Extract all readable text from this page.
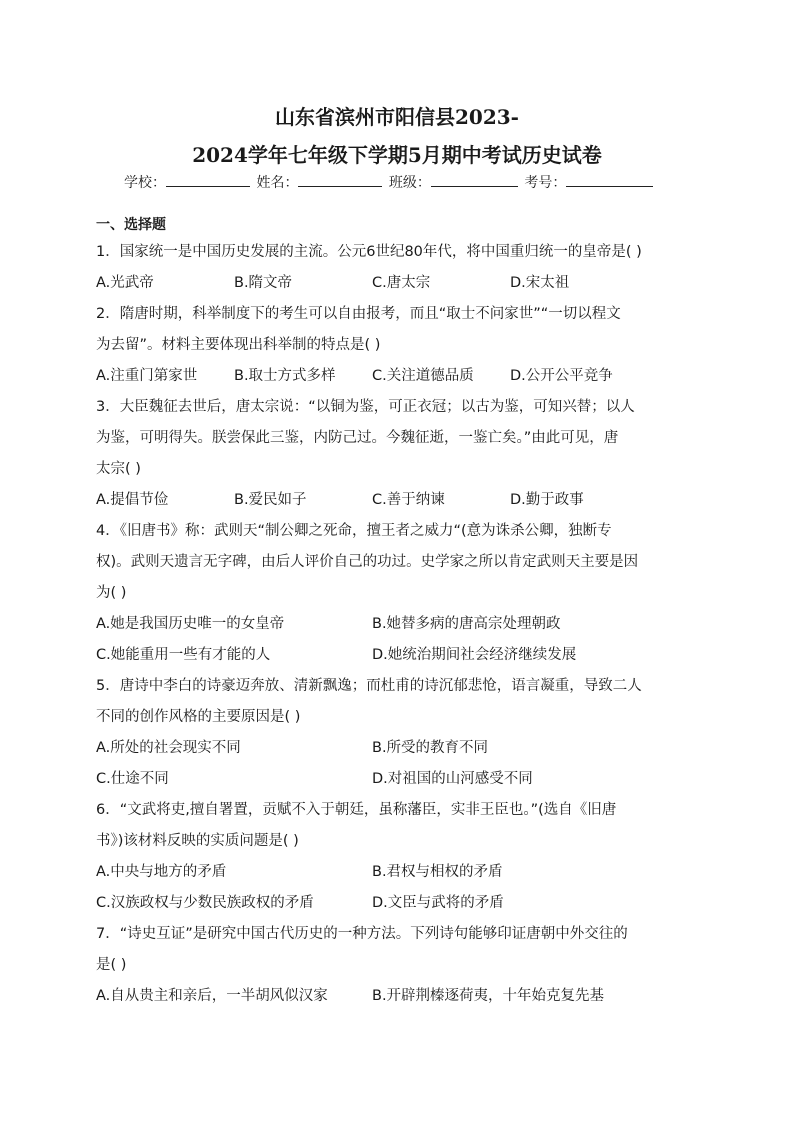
山东省滨州市阳信县2023-
2024学年七年级下学期5月期中考试历史试卷
学校：	姓名：	班级：	考号：
一、选择题
1．国家统一是中国历史发展的主流。公元6世纪80年代，将中国重归统一的皇帝是( )
A.光武帝	B.隋文帝	C.唐太宗	D.宋太祖
2．隋唐时期，科举制度下的考生可以自由报考，而且“取士不问家世”“一切以程文
为去留”。材料主要体现出科举制的特点是( )
A.注重门第家世	B.取士方式多样	C.关注道德品质	D.公开公平竞争
3．大臣魏征去世后，唐太宗说：“以铜为鉴，可正衣冠；以古为鉴，可知兴替；以人
为鉴，可明得失。朕尝保此三鉴，内防己过。今魏征逝，一鉴亡矣。”由此可见，唐
太宗( )
A.提倡节俭	B.爱民如子	C.善于纳谏	D.勤于政事
4．《旧唐书》称：武则天“制公卿之死命，擅王者之威力“(意为诛杀公卿，独断专
权)。武则天遗言无字碑，由后人评价自己的功过。史学家之所以肯定武则天主要是因
为( )
A.她是我国历史唯一的女皇帝	B.她替多病的唐高宗处理朝政
C.她能重用一些有才能的人	D.她统治期间社会经济继续发展
5．唐诗中李白的诗豪迈奔放、清新飘逸；而杜甫的诗沉郁悲怆，语言凝重，导致二人
不同的创作风格的主要原因是( )
A.所处的社会现实不同	B.所受的教育不同
C.仕途不同	D.对祖国的山河感受不同
6．“文武将吏,擅自署置，贡赋不入于朝廷，虽称藩臣，实非王臣也。”(选自《旧唐
书》)该材料反映的实质问题是( )
A.中央与地方的矛盾	B.君权与相权的矛盾
C.汉族政权与少数民族政权的矛盾	D.文臣与武将的矛盾
7．“诗史互证”是研究中国古代历史的一种方法。下列诗句能够印证唐朝中外交往的
是( )
A.自从贵主和亲后，一半胡风似汉家	B.开辟荆榛逐荷夷，十年始克复先基
